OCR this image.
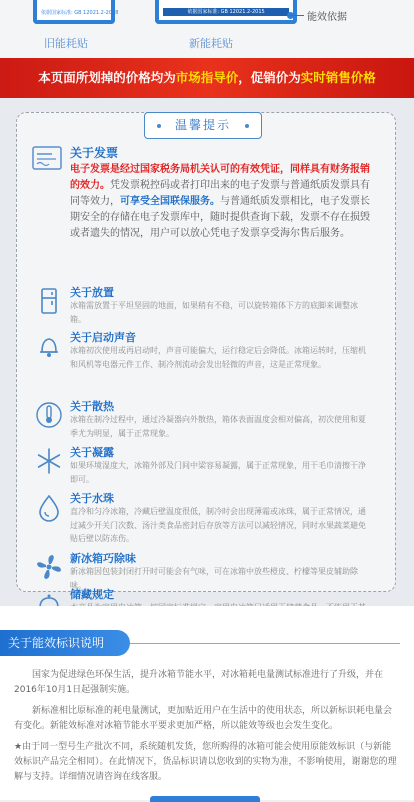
依据国家标准: GB 12021.2-2008	依据国家标准: GB 12021.2-2015	能效依据
旧能耗贴	新能耗贴
本页面所划掉的价格均为市场指导价，促销价为实时销售价格
温馨提示
关于发票
电子发票是经过国家税务局机关认可的有效凭证，同样具有财务报销的效力。凭发票税控码或者打印出来的电子发票与普通纸质发票具有同等效力，可享受全国联保服务。与普通纸质发票相比，电子发票长期安全的存储在电子发票库中，随时提供查询下载，发票不存在损毁或者遗失的情况，用户可以放心凭电子发票享受海尔售后服务。
关于放置
冰箱需放置于平坦坚固的地面，如果稍有不稳，可以旋转箱体下方的底脚来调整冰箱。
关于启动声音
冰箱初次使用或再启动时，声音可能偏大，运行稳定后会降低。冰箱运转时，压缩机和风机等电器元件工作、制冷剂流动会发出轻微的声音，这是正常现象。
关于散热
冰箱在制冷过程中，通过冷凝器向外散热，箱体表面温度会相对偏高，初次使用和夏季尤为明显，属于正常现象。
关于凝露
如果环境湿度大，冰箱外部及门间中梁容易凝露，属于正常现象，用干毛巾清擦干净即可。
关于水珠
直冷和匀冷冰箱，冷藏后壁温度很低，制冷时会出现薄霜或冰珠，属于正常情况，通过减少开关门次数、汤汁类食品密封后存放等方法可以减轻情况，同时水果蔬菜避免贴后壁以防冻伤。
新冰箱巧除味
新冰箱因包装封闭打开时可能会有气味，可在冰箱中放些橙皮、柠檬等果皮辅助除味。
储藏规定
关于能效标识说明

国家为促进绿色环保生活，提升冰箱节能水平，对冰箱耗电量测试标准进行了升级，并在2016年10月1日起强制实施。

新标准相比原标准的耗电量测试，更加贴近用户在生活中的使用状态，所以新标识耗电量会有变化。新能效标准对冰箱节能水平要求更加严格，所以能效等级也会发生变化。

★由于同一型号生产批次不同，系统随机发货，您所购得的冰箱可能会使用原能效标识（与新能效标识产品完全相同）。在此情况下，货品标识请以您收到的实物为准，不影响使用，谢谢您的理解与支持。详细情况请咨询在线客服。
